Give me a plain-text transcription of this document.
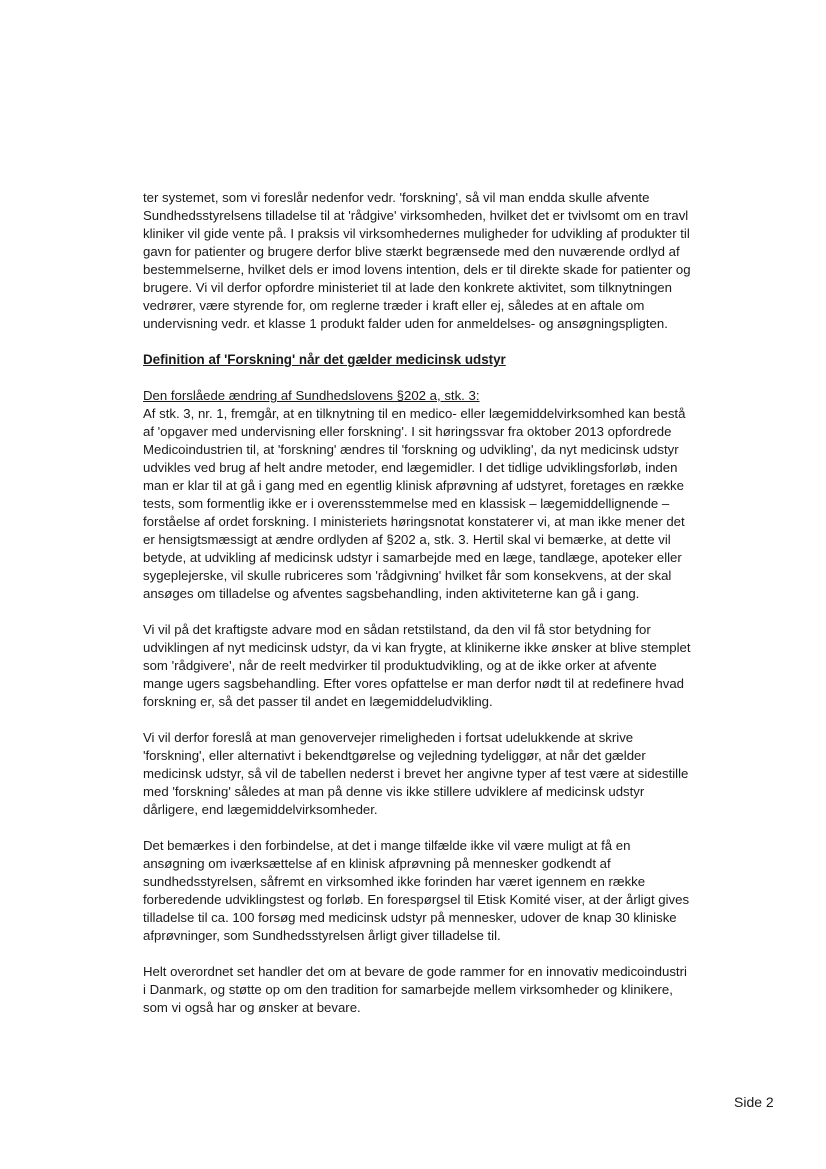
ter systemet, som vi foreslår nedenfor vedr. 'forskning', så vil man endda skulle afvente Sundhedsstyrelsens tilladelse til at 'rådgive' virksomheden, hvilket det er tvivlsomt om en travl kliniker vil gide vente på. I praksis vil virksomhedernes muligheder for udvikling af produkter til gavn for patienter og brugere derfor blive stærkt begrænsede med den nuværende ordlyd af bestemmelserne, hvilket dels er imod lovens intention, dels er til direkte skade for patienter og brugere. Vi vil derfor opfordre ministeriet til at lade den konkrete aktivitet, som tilknytningen vedrører, være styrende for, om reglerne træder i kraft eller ej, således at en aftale om undervisning vedr. et klasse 1 produkt falder uden for anmeldelses- og ansøgningspligten.

Definition af 'Forskning' når det gælder medicinsk udstyr

Den forslåede ændring af Sundhedslovens §202 a, stk. 3:

Af stk. 3, nr. 1, fremgår, at en tilknytning til en medico- eller lægemiddelvirksomhed kan bestå af 'opgaver med undervisning eller forskning'. I sit høringssvar fra oktober 2013 opfordrede Medicoindustrien til, at 'forskning' ændres til 'forskning og udvikling', da nyt medicinsk udstyr udvikles ved brug af helt andre metoder, end lægemidler. I det tidlige udviklingsforløb, inden man er klar til at gå i gang med en egentlig klinisk afprøvning af udstyret, foretages en række tests, som formentlig ikke er i overensstemmelse med en klassisk – lægemiddellignende – forståelse af ordet forskning. I ministeriets høringsnotat konstaterer vi, at man ikke mener det er hensigtsmæssigt at ændre ordlyden af §202 a, stk. 3. Hertil skal vi bemærke, at dette vil betyde, at udvikling af medicinsk udstyr i samarbejde med en læge, tandlæge, apoteker eller sygeplejerske, vil skulle rubriceres som 'rådgivning' hvilket får som konsekvens, at der skal ansøges om tilladelse og afventes sagsbehandling, inden aktiviteterne kan gå i gang.

Vi vil på det kraftigste advare mod en sådan retstilstand, da den vil få stor betydning for udviklingen af nyt medicinsk udstyr, da vi kan frygte, at klinikerne ikke ønsker at blive stemplet som 'rådgivere', når de reelt medvirker til produktudvikling, og at de ikke orker at afvente mange ugers sagsbehandling. Efter vores opfattelse er man derfor nødt til at redefinere hvad forskning er, så det passer til andet en lægemiddeludvikling.

Vi vil derfor foreslå at man genovervejer rimeligheden i fortsat udelukkende at skrive 'forskning', eller alternativt i bekendtgørelse og vejledning tydeliggør, at når det gælder medicinsk udstyr, så vil de tabellen nederst i brevet her angivne typer af test være at sidestille med 'forskning' således at man på denne vis ikke stillere udviklere af medicinsk udstyr dårligere, end lægemiddelvirksomheder.

Det bemærkes i den forbindelse, at det i mange tilfælde ikke vil være muligt at få en ansøgning om iværksættelse af en klinisk afprøvning på mennesker godkendt af sundhedsstyrelsen, såfremt en virksomhed ikke forinden har været igennem en række forberedende udviklingstest og forløb. En forespørgsel til Etisk Komité viser, at der årligt gives tilladelse til ca. 100 forsøg med medicinsk udstyr på mennesker, udover de knap 30 kliniske afprøvninger, som Sundhedsstyrelsen årligt giver tilladelse til.

Helt overordnet set handler det om at bevare de gode rammer for en innovativ medicoindustri i Danmark, og støtte op om den tradition for samarbejde mellem virksomheder og klinikere, som vi også har og ønsker at bevare.

Side 2
